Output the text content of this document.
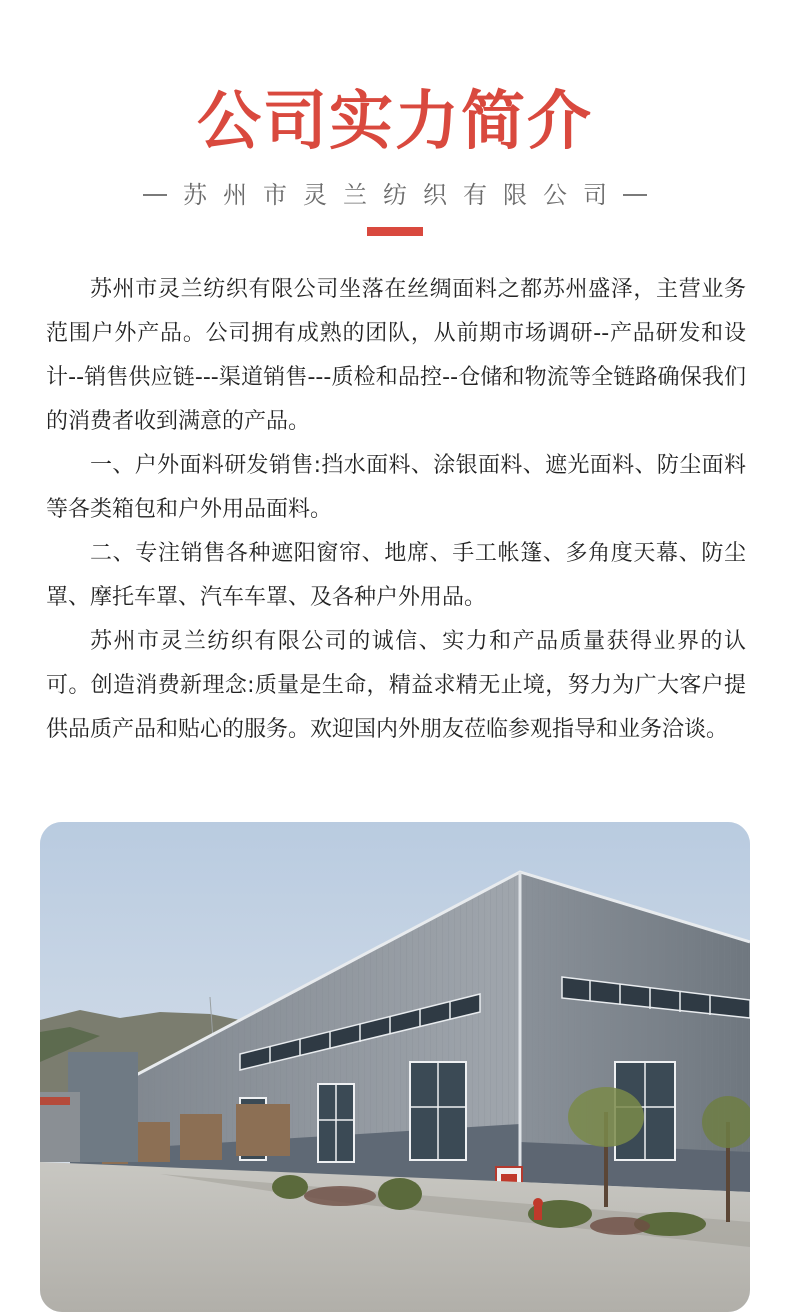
公司实力简介
苏州市灵兰纺织有限公司

苏州市灵兰纺织有限公司坐落在丝绸面料之都苏州盛泽，主营业务范围户外产品。公司拥有成熟的团队，从前期市场调研--产品研发和设计--销售供应链---渠道销售---质检和品控--仓储和物流等全链路确保我们的消费者收到满意的产品。

一、户外面料研发销售:挡水面料、涂银面料、遮光面料、防尘面料等各类箱包和户外用品面料。

二、专注销售各种遮阳窗帘、地席、手工帐篷、多角度天幕、防尘罩、摩托车罩、汽车车罩、及各种户外用品。

苏州市灵兰纺织有限公司的诚信、实力和产品质量获得业界的认可。创造消费新理念:质量是生命，精益求精无止境，努力为广大客户提供品质产品和贴心的服务。欢迎国内外朋友莅临参观指导和业务洽谈。
